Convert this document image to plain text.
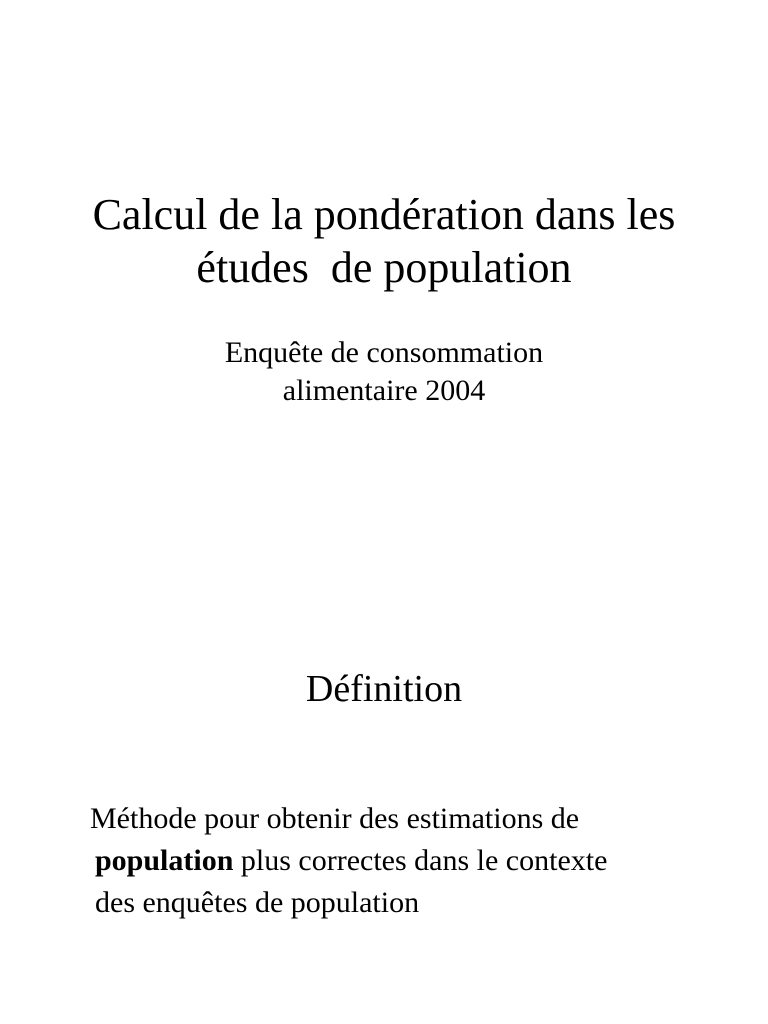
Calcul de la pondération dans les
études  de population
Enquête de consommation
alimentaire 2004
Définition

Méthode pour obtenir des estimations de
population plus correctes dans le contexte
des enquêtes de population
